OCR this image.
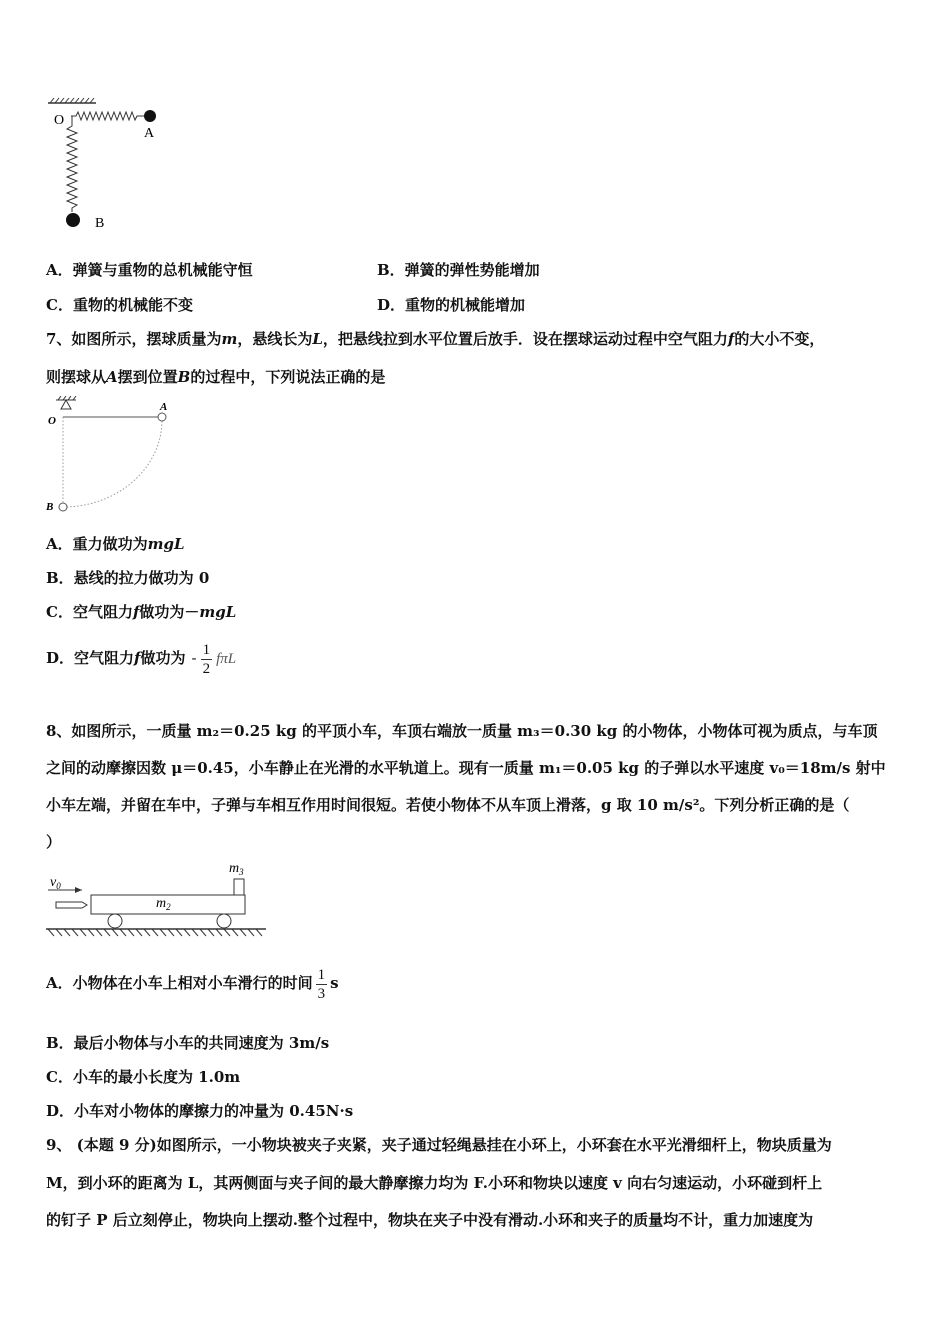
O
A
B
A．弹簧与重物的总机械能守恒	B．弹簧的弹性势能增加
C．重物的机械能不变	D．重物的机械能增加
7、如图所示，摆球质量为m，悬线长为L，把悬线拉到水平位置后放手．设在摆球运动过程中空气阻力f的大小不变，
则摆球从A摆到位置B的过程中，下列说法正确的是
O
A
B
A．重力做功为mgL
B．悬线的拉力做功为 0
C．空气阻力f做功为－mgL
D．空气阻力f做功为 - $\frac{1}{2}$ fπL
8、如图所示，一质量 m₂＝0.25 kg 的平顶小车，车顶右端放一质量 m₃＝0.30 kg 的小物体，小物体可视为质点，与车顶
之间的动摩擦因数 μ＝0.45，小车静止在光滑的水平轨道上。现有一质量 m₁＝0.05 kg 的子弹以水平速度 v₀＝18m/s 射中
小车左端，并留在车中，子弹与车相互作用时间很短。若使小物体不从车顶上滑落，g 取 10 m/s²。下列分析正确的是（
）
$v_0$
$m_3$
$m_2$
A．小物体在小车上相对小车滑行的时间 $\frac{1}{3}$ s
B．最后小物体与小车的共同速度为 3m/s
C．小车的最小长度为 1.0m
D．小车对小物体的摩擦力的冲量为 0.45N·s
9、 (本题 9 分)如图所示，一小物块被夹子夹紧，夹子通过轻绳悬挂在小环上，小环套在水平光滑细杆上，物块质量为
M，到小环的距离为 L，其两侧面与夹子间的最大静摩擦力均为 F.小环和物块以速度 v 向右匀速运动，小环碰到杆上
的钉子 P 后立刻停止，物块向上摆动.整个过程中，物块在夹子中没有滑动.小环和夹子的质量均不计，重力加速度为
